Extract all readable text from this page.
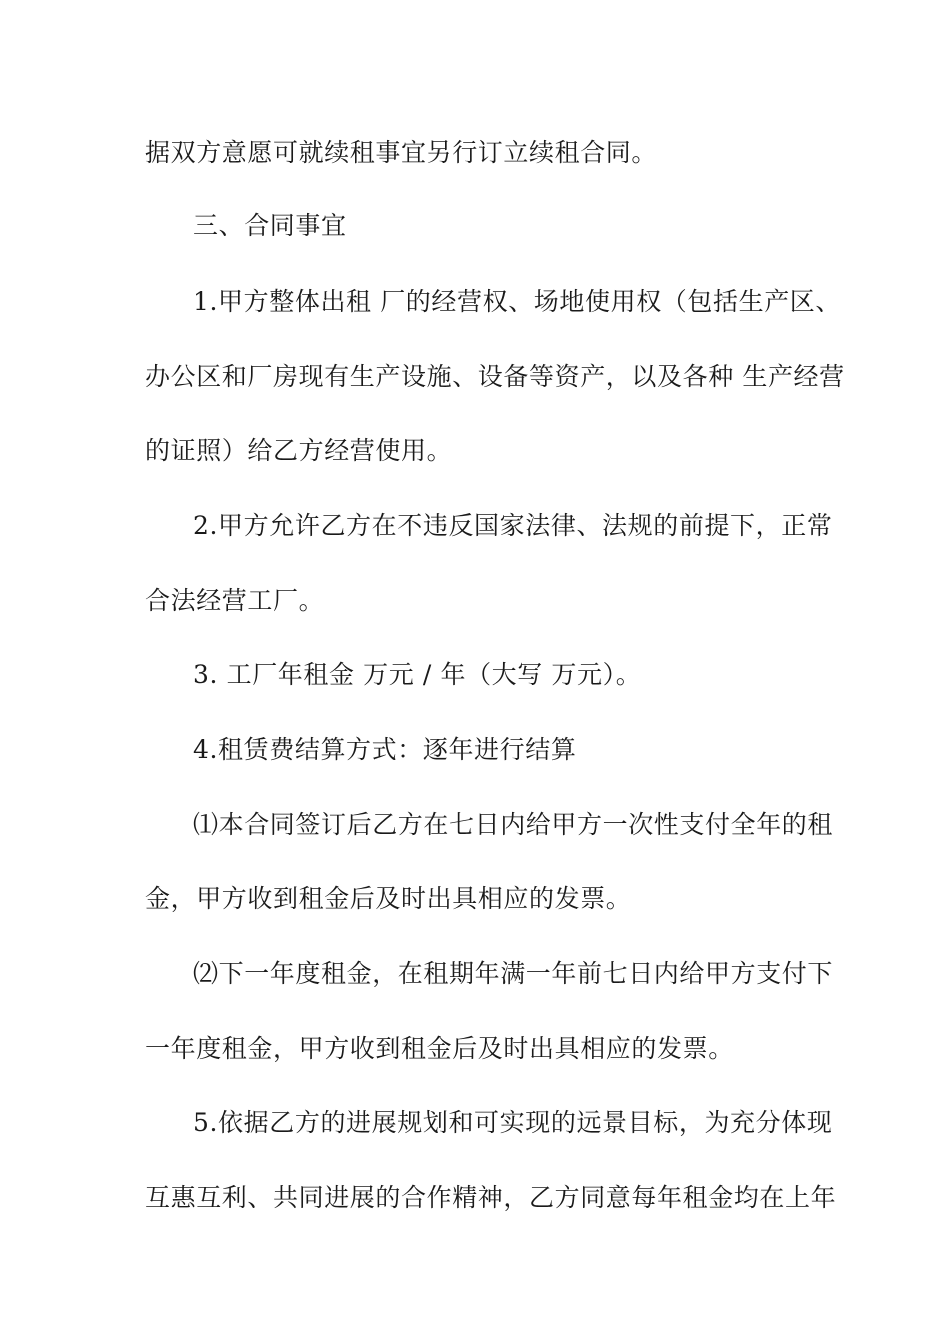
据双方意愿可就续租事宜另行订立续租合同。
三、合同事宜
1.甲方整体出租 厂的经营权、场地使用权（包括生产区、
办公区和厂房现有生产设施、设备等资产，以及各种 生产经营
的证照）给乙方经营使用。
2.甲方允许乙方在不违反国家法律、法规的前提下，正常
合法经营工厂。
3. 工厂年租金 万元 / 年（大写 万元）。
4.租赁费结算方式：逐年进行结算
⑴本合同签订后乙方在七日内给甲方一次性支付全年的租
金，甲方收到租金后及时出具相应的发票。
⑵下一年度租金，在租期年满一年前七日内给甲方支付下
一年度租金，甲方收到租金后及时出具相应的发票。
5.依据乙方的进展规划和可实现的远景目标，为充分体现
互惠互利、共同进展的合作精神，乙方同意每年租金均在上年
